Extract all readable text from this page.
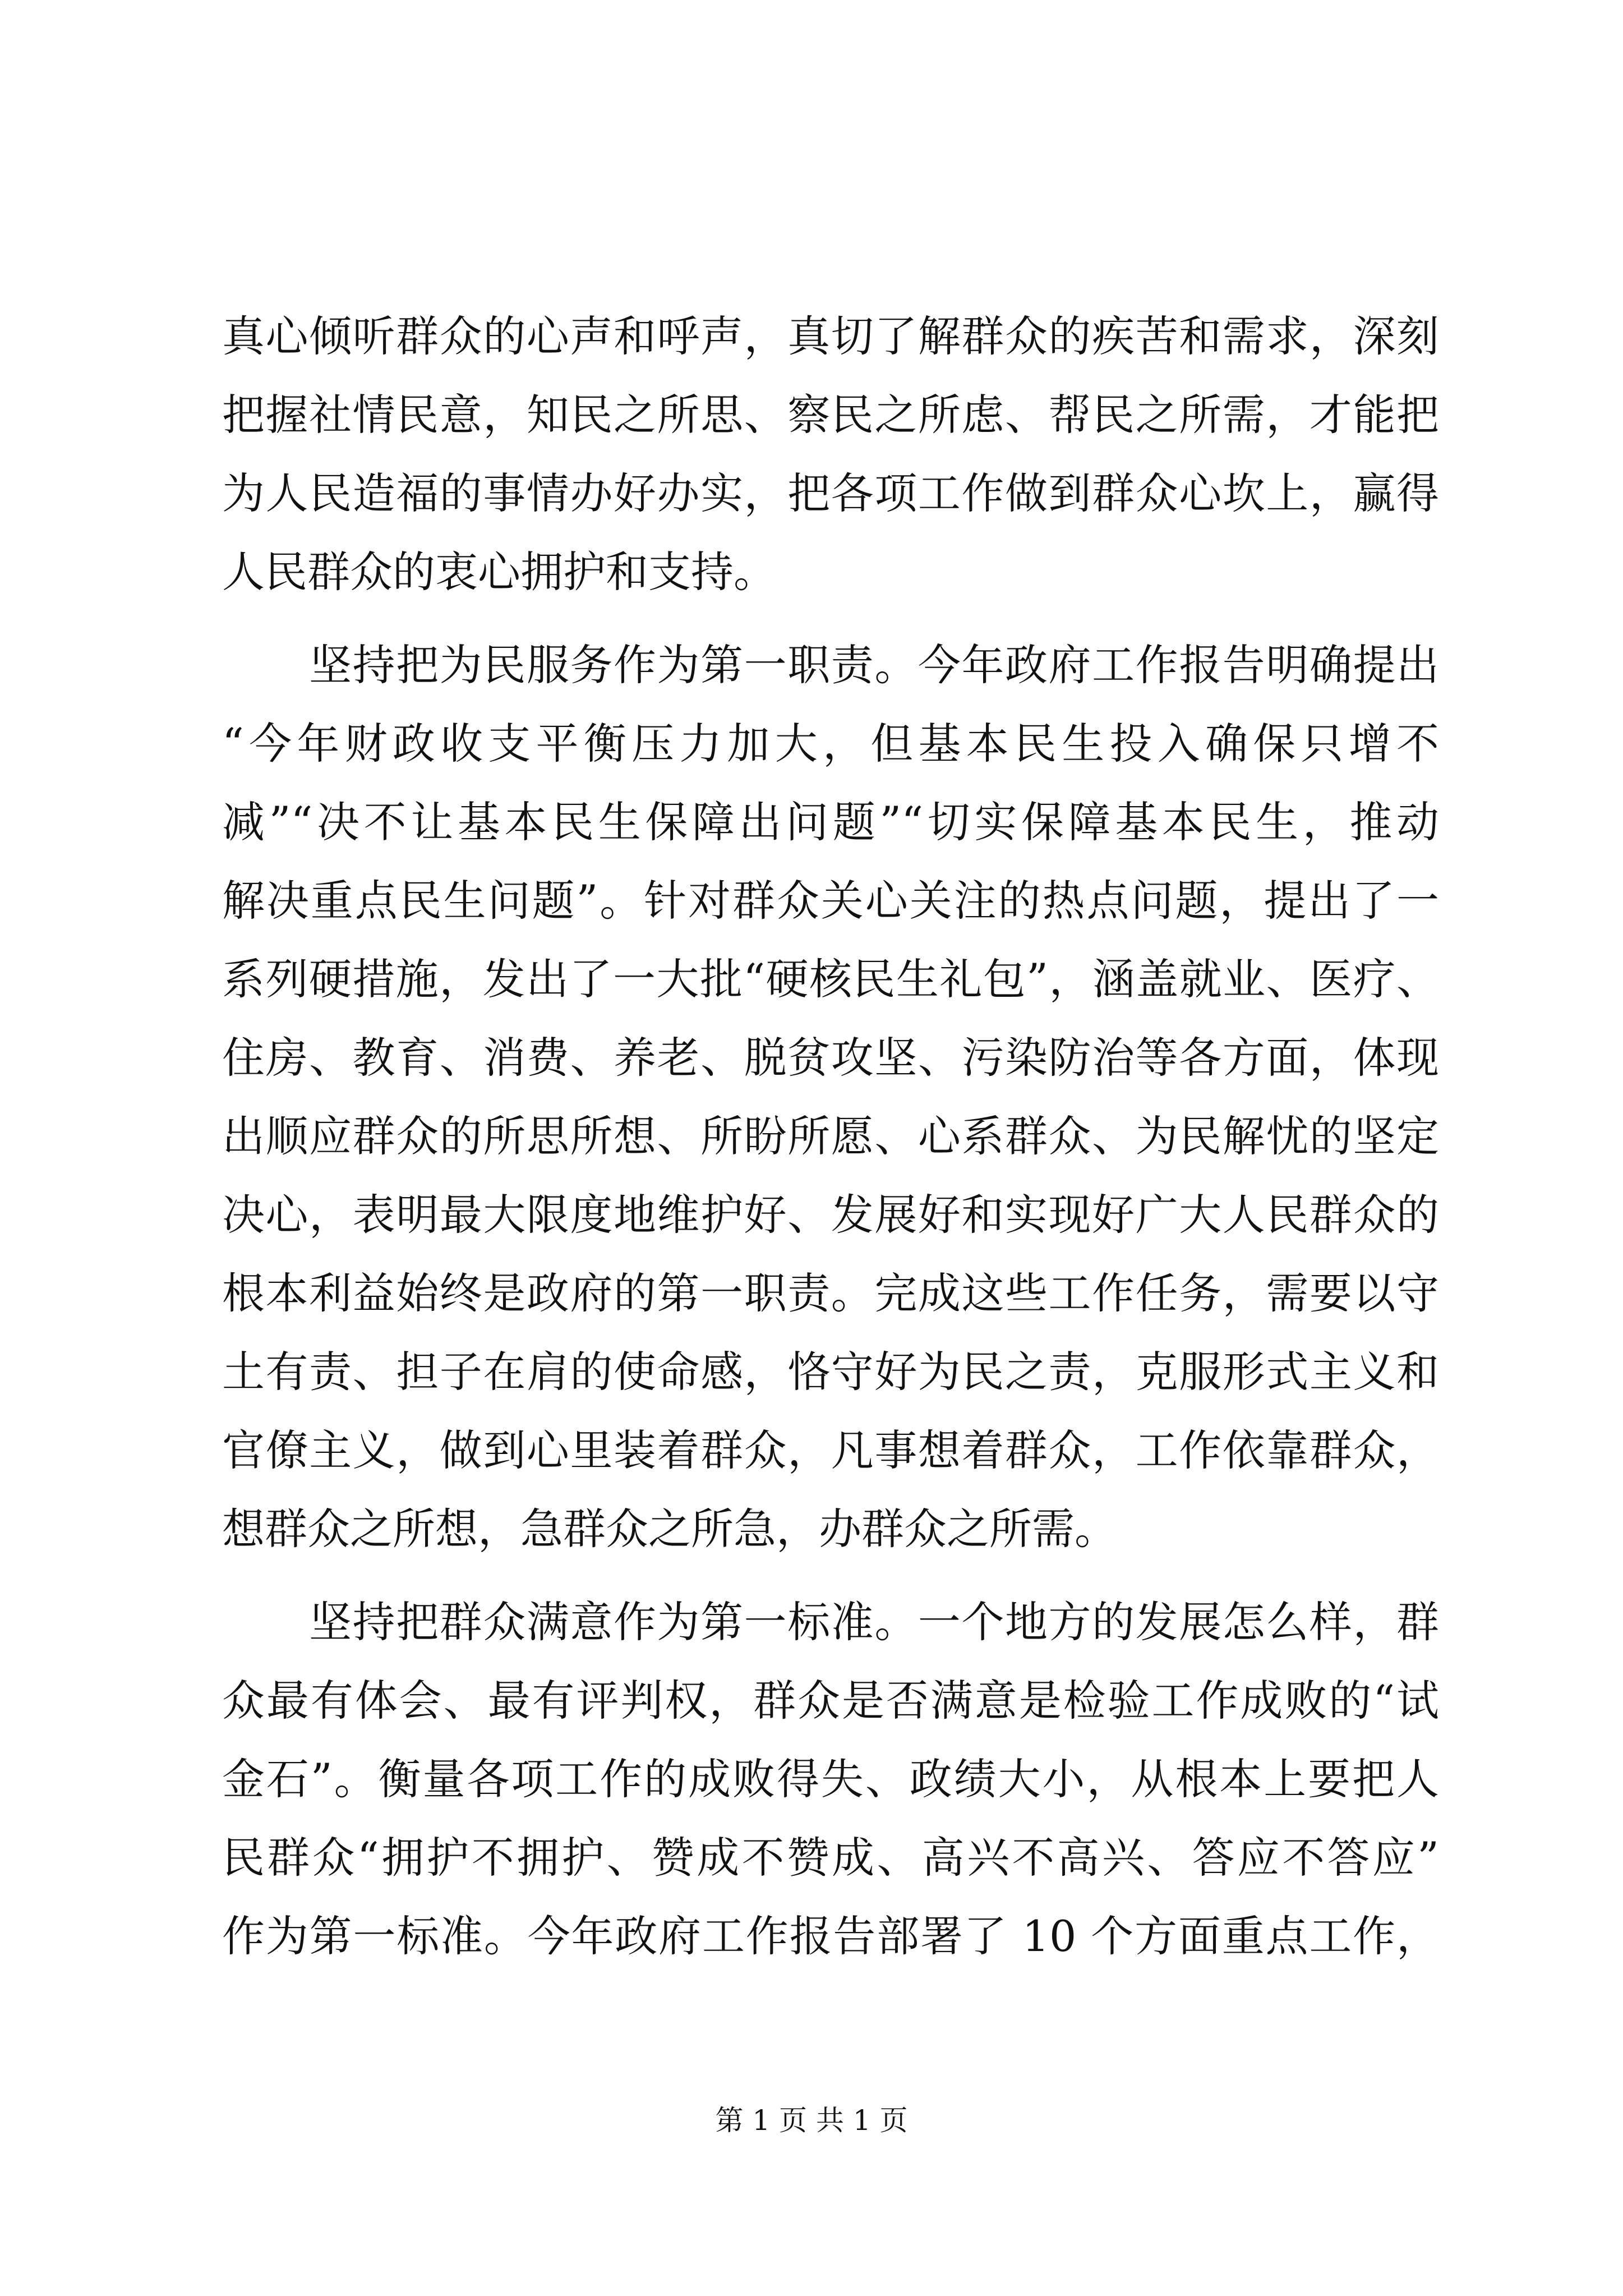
真心倾听群众的心声和呼声，真切了解群众的疾苦和需求，深刻
把握社情民意，知民之所思、察民之所虑、帮民之所需，才能把
为人民造福的事情办好办实，把各项工作做到群众心坎上，赢得
人民群众的衷心拥护和支持。
　　坚持把为民服务作为第一职责。今年政府工作报告明确提出
“今年财政收支平衡压力加大，但基本民生投入确保只增不
减”“决不让基本民生保障出问题”“切实保障基本民生，推动
解决重点民生问题”。针对群众关心关注的热点问题，提出了一
系列硬措施，发出了一大批“硬核民生礼包”，涵盖就业、医疗、
住房、教育、消费、养老、脱贫攻坚、污染防治等各方面，体现
出顺应群众的所思所想、所盼所愿、心系群众、为民解忧的坚定
决心，表明最大限度地维护好、发展好和实现好广大人民群众的
根本利益始终是政府的第一职责。完成这些工作任务，需要以守
土有责、担子在肩的使命感，恪守好为民之责，克服形式主义和
官僚主义，做到心里装着群众，凡事想着群众，工作依靠群众，
想群众之所想，急群众之所急，办群众之所需。
　　坚持把群众满意作为第一标准。一个地方的发展怎么样，群
众最有体会、最有评判权，群众是否满意是检验工作成败的“试
金石”。衡量各项工作的成败得失、政绩大小，从根本上要把人
民群众“拥护不拥护、赞成不赞成、高兴不高兴、答应不答应”
作为第一标准。今年政府工作报告部署了 10 个方面重点工作，
第 1 页 共 1 页
